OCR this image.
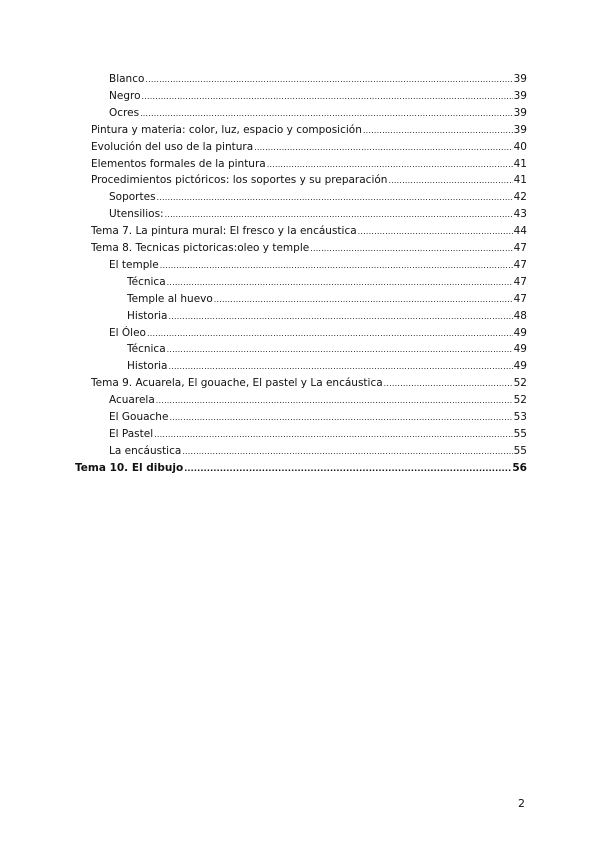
Blanco .....	39
Negro .....	39
Ocres .....	39
Pintura y materia: color, luz, espacio y composición .....	39
Evolución del uso de la pintura .....	40
Elementos formales de la pintura .....	41
Procedimientos pictóricos: los soportes y su preparación .....	41
Soportes .....	42
Utensilios: .....	43
Tema 7. La pintura mural: El fresco y la encáustica .....	44
Tema 8. Tecnicas pictoricas:oleo y temple .....	47
El temple .....	47
Técnica .....	47
Temple al huevo .....	47
Historia .....	48
El Óleo .....	49
Técnica .....	49
Historia .....	49
Tema 9. Acuarela, El gouache, El pastel y La encáustica .....	52
Acuarela .....	52
El Gouache .....	53
El Pastel .....	55
La encáustica .....	55
Tema 10. El dibujo .....	56
2
